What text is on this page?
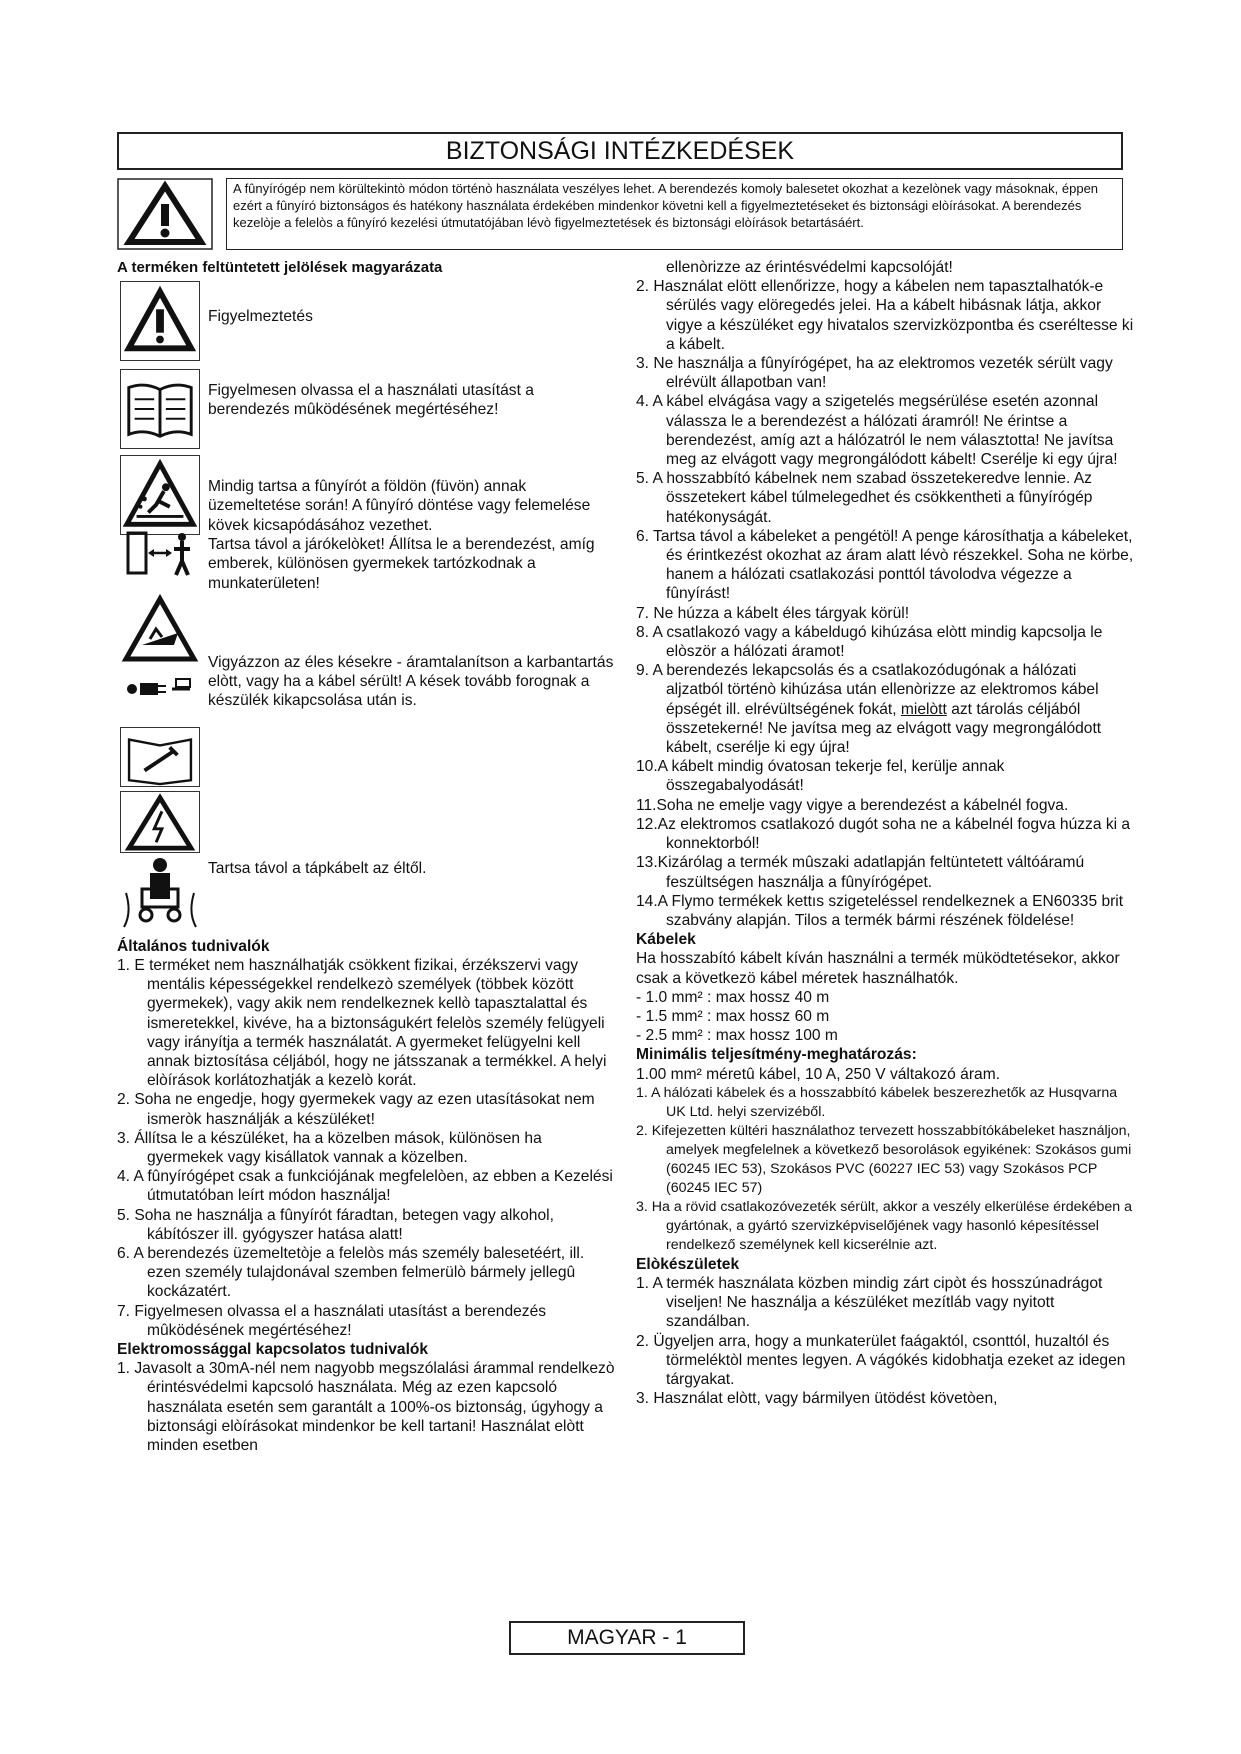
BIZTONSÁGI INTÉZKEDÉSEK
A fûnyírógép nem körültekintò módon történò használata veszélyes lehet. A berendezés komoly balesetet okozhat a kezelònek vagy másoknak, éppen ezért a fûnyíró biztonságos és hatékony használata érdekében mindenkor követni kell a figyelmeztetéseket és biztonsági elòírásokat. A berendezés kezelòje a felelòs a fûnyíró kezelési útmutatójában lévò figyelmeztetések és biztonsági elòírások betartásáért.

A terméken feltüntetett jelölések magyarázata

Figyelmeztetés
Figyelmesen olvassa el a használati utasítást a berendezés mûködésének megértéséhez!
Mindig tartsa a fûnyírót a földön (füvön) annak üzemeltetése során! A fûnyíró döntése vagy felemelése kövek kicsapódásához vezethet.
Tartsa távol a járókelòket! Állítsa le a berendezést, amíg emberek, különösen gyermekek tartózkodnak a munkaterületen!
Vigyázzon az éles késekre - áramtalanítson a karbantartás elòtt, vagy ha a kábel sérült! A kések tovább forognak a készülék kikapcsolása után is.
Tartsa távol a tápkábelt az éltől.

Általános tudnivalók

1. E terméket nem használhatják csökkent fizikai, érzékszervi vagy mentális képességekkel rendelkezò személyek (többek között gyermekek), vagy akik nem rendelkeznek kellò tapasztalattal és ismeretekkel, kivéve, ha a biztonságukért felelòs személy felügyeli vagy irányítja a termék használatát. A gyermeket felügyelni kell annak biztosítása céljából, hogy ne játsszanak a termékkel. A helyi elòírások korlátozhatják a kezelò korát.

2. Soha ne engedje, hogy gyermekek vagy az ezen utasításokat nem ismeròk használják a készüléket!

3. Állítsa le a készüléket, ha a közelben mások, különösen ha gyermekek vagy kisállatok vannak a közelben.

4. A fûnyírógépet csak a funkciójának megfelelòen, az ebben a Kezelési útmutatóban leírt módon használja!

5. Soha ne használja a fûnyírót fáradtan, betegen vagy alkohol, kábítószer ill. gyógyszer hatása alatt!

6. A berendezés üzemeltetòje a felelòs más személy balesetéért, ill. ezen személy tulajdonával szemben felmerülò bármely jellegû kockázatért.

7. Figyelmesen olvassa el a használati utasítást a berendezés mûködésének megértéséhez!

Elektromossággal kapcsolatos tudnivalók

1. Javasolt a 30mA-nél nem nagyobb megszólalási árammal rendelkezò érintésvédelmi kapcsoló használata. Még az ezen kapcsoló használata esetén sem garantált a 100%-os biztonság, úgyhogy a biztonsági elòírásokat mindenkor be kell tartani! Használat elòtt minden esetben

ellenòrizze az érintésvédelmi kapcsolóját!

2. Használat elött ellenőrizze, hogy a kábelen nem tapasztalhatók-e sérülés vagy elöregedés jelei. Ha a kábelt hibásnak látja, akkor vigye a készüléket egy hivatalos szervizközpontba és cseréltesse ki a kábelt.

3. Ne használja a fûnyírógépet, ha az elektromos vezeték sérült vagy elrévült állapotban van!

4. A kábel elvágása vagy a szigetelés megsérülése esetén azonnal válassza le a berendezést a hálózati áramról! Ne érintse a berendezést, amíg azt a hálózatról le nem választotta! Ne javítsa meg az elvágott vagy megrongálódott kábelt! Cserélje ki egy újra!

5. A hosszabbító kábelnek nem szabad összetekeredve lennie. Az összetekert kábel túlmelegedhet és csökkentheti a fûnyírógép hatékonyságát.

6. Tartsa távol a kábeleket a pengétöl! A penge károsíthatja a kábeleket, és érintkezést okozhat az áram alatt lévò részekkel. Soha ne körbe, hanem a hálózati csatlakozási ponttól távolodva végezze a fûnyírást!

7. Ne húzza a kábelt éles tárgyak körül!

8. A csatlakozó vagy a kábeldugó kihúzása elòtt mindig kapcsolja le elòször a hálózati áramot!

9. A berendezés lekapcsolás és a csatlakozódugónak a hálózati aljzatból történò kihúzása után ellenòrizze az elektromos kábel épségét ill. elrévültségének fokát, mielòtt azt tárolás céljából összetekerné! Ne javítsa meg az elvágott vagy megrongálódott kábelt, cserélje ki egy újra!

10.A kábelt mindig óvatosan tekerje fel, kerülje annak összegabalyodását!

11.Soha ne emelje vagy vigye a berendezést a kábelnél fogva.

12.Az elektromos csatlakozó dugót soha ne a kábelnél fogva húzza ki a konnektorból!

13.Kizárólag a termék mûszaki adatlapján feltüntetett váltóáramú feszültségen használja a fûnyírógépet.

14.A Flymo termékek kettıs szigeteléssel rendelkeznek a EN60335 brit szabvány alapján. Tilos a termék bármi részének földelése!

Kábelek

Ha hosszabító kábelt kíván használni a termék müködtetésekor, akkor csak a következö kábel méretek használhatók.

- 1.0 mm² : max hossz 40 m

- 1.5 mm² : max hossz 60 m

- 2.5 mm² : max hossz 100 m

Minimális teljesítmény-meghatározás:

1.00 mm² méretû kábel, 10 A, 250 V váltakozó áram.

1. A hálózati kábelek és a hosszabbító kábelek beszerezhetők az Husqvarna UK Ltd. helyi szervizéből.

2. Kifejezetten kültéri használathoz tervezett hosszabbítókábeleket használjon, amelyek megfelelnek a következő besorolások egyikének: Szokásos gumi (60245 IEC 53), Szokásos PVC (60227 IEC 53) vagy Szokásos PCP (60245 IEC 57)

3. Ha a rövid csatlakozóvezeték sérült, akkor a veszély elkerülése érdekében a gyártónak, a gyártó szervizképviselőjének vagy hasonló képesítéssel rendelkező személynek kell kicserélnie azt.

Elòkészületek

1. A termék használata közben mindig zárt cipòt és hosszúnadrágot viseljen! Ne használja a készüléket mezítláb vagy nyitott szandálban.

2. Ügyeljen arra, hogy a munkaterület faágaktól, csonttól, huzaltól és törmeléktòl mentes legyen. A vágókés kidobhatja ezeket az idegen tárgyakat.

3. Használat elòtt, vagy bármilyen ütödést követòen,

MAGYAR - 1
